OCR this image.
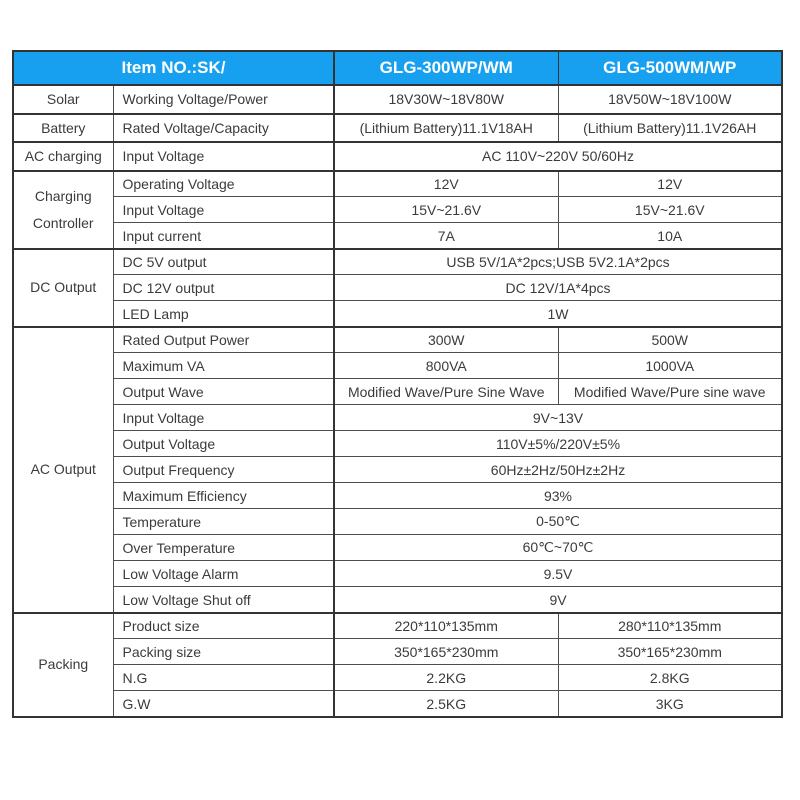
Item NO.:SK/		GLG-300WP/WM	GLG-500WM/WP
Solar	Working Voltage/Power	18V30W~18V80W	18V50W~18V100W
Battery	Rated Voltage/Capacity	(Lithium Battery)11.1V18AH	(Lithium Battery)11.1V26AH
AC charging	Input Voltage	AC 110V~220V 50/60Hz	
Charging Controller	Operating Voltage	12V	12V
	Input Voltage	15V~21.6V	15V~21.6V
	Input current	7A	10A
DC Output	DC 5V output	USB 5V/1A*2pcs;USB 5V2.1A*2pcs	
	DC 12V output	DC 12V/1A*4pcs	
	LED Lamp	1W	
AC Output	Rated Output Power	300W	500W
	Maximum VA	800VA	1000VA
	Output Wave	Modified Wave/Pure Sine Wave	Modified Wave/Pure sine wave
	Input Voltage	9V~13V	
	Output Voltage	110V±5%/220V±5%	
	Output Frequency	60Hz±2Hz/50Hz±2Hz	
	Maximum Efficiency	93%	
	Temperature	0-50℃	
	Over Temperature	60℃~70℃	
	Low Voltage Alarm	9.5V	
	Low Voltage Shut off	9V	
Packing	Product size	220*110*135mm	280*110*135mm
	Packing size	350*165*230mm	350*165*230mm
	N.G	2.2KG	2.8KG
	G.W	2.5KG	3KG
